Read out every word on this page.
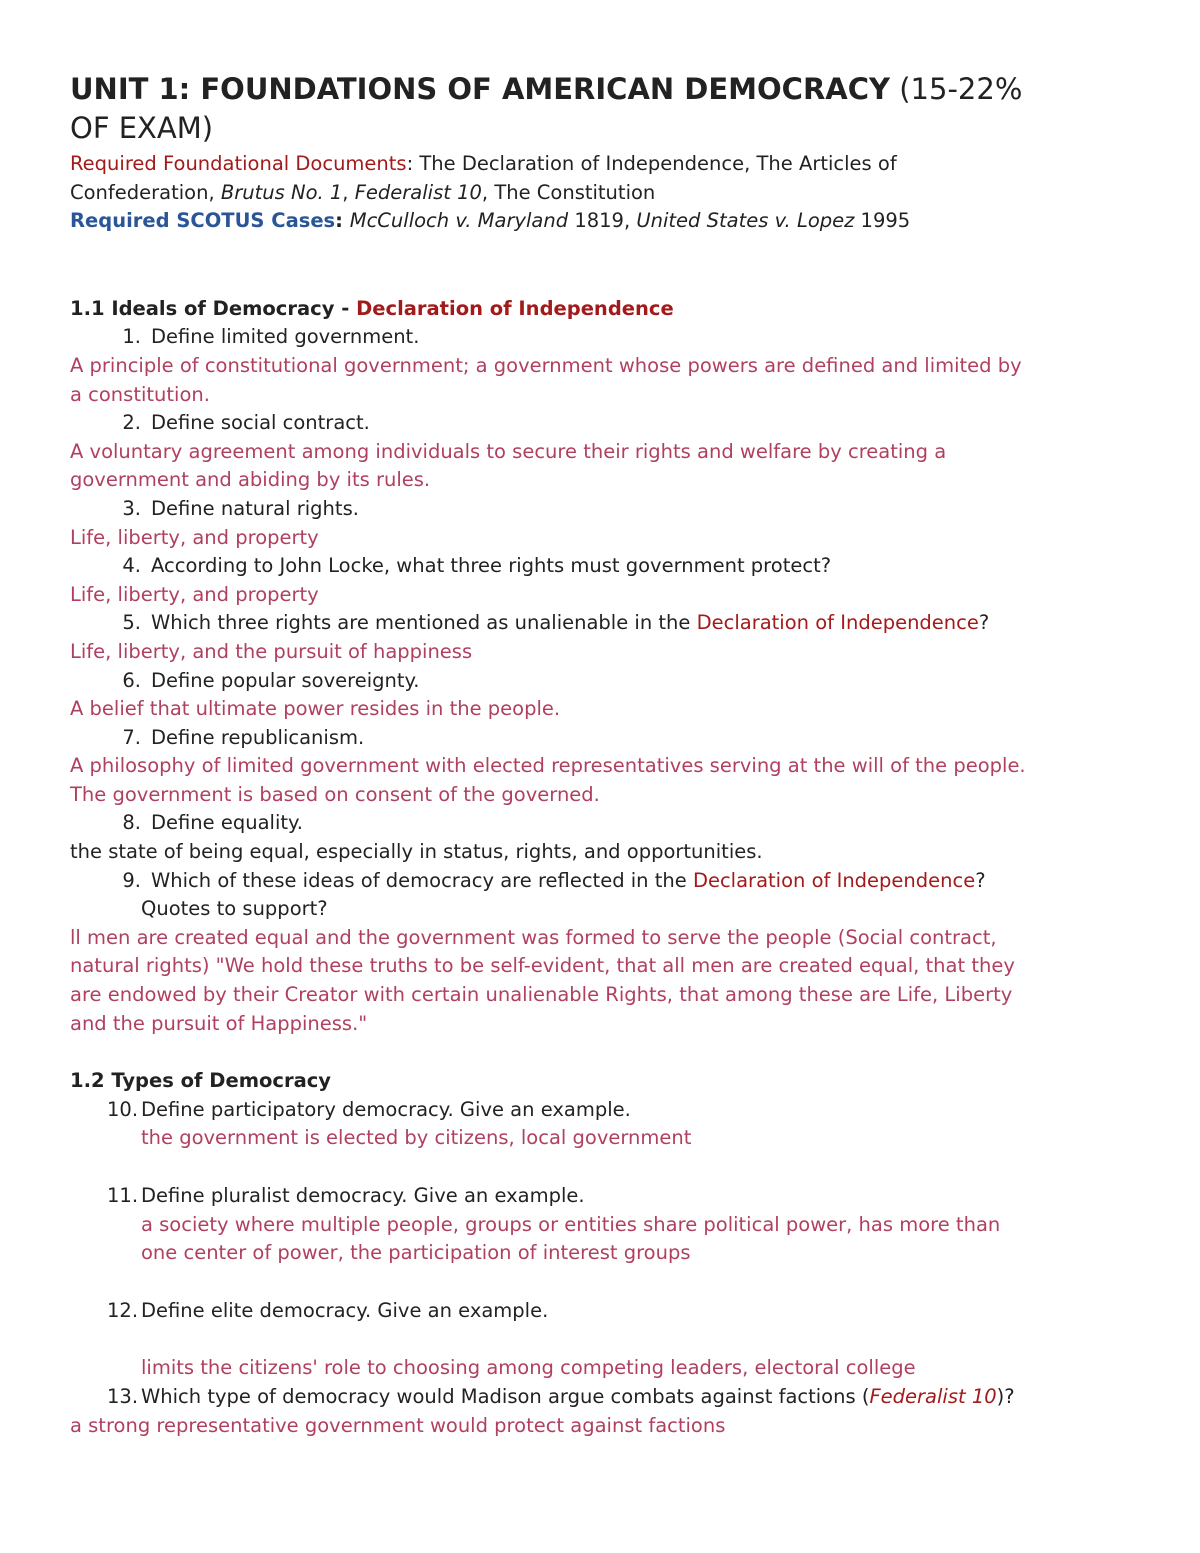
UNIT 1: FOUNDATIONS OF AMERICAN DEMOCRACY (15-22%
OF EXAM)
Required Foundational Documents: The Declaration of Independence, The Articles of
Confederation, Brutus No. 1, Federalist 10, The Constitution
Required SCOTUS Cases: McCulloch v. Maryland 1819, United States v. Lopez 1995
1.1 Ideals of Democracy - Declaration of Independence
1. Define limited government.
A principle of constitutional government; a government whose powers are defined and limited by
a constitution.
2. Define social contract.
A voluntary agreement among individuals to secure their rights and welfare by creating a
government and abiding by its rules.
3. Define natural rights.
Life, liberty, and property
4. According to John Locke, what three rights must government protect?
Life, liberty, and property
5. Which three rights are mentioned as unalienable in the Declaration of Independence?
Life, liberty, and the pursuit of happiness
6. Define popular sovereignty.
A belief that ultimate power resides in the people.
7. Define republicanism.
A philosophy of limited government with elected representatives serving at the will of the people.
The government is based on consent of the governed.
8. Define equality.
the state of being equal, especially in status, rights, and opportunities.
9. Which of these ideas of democracy are reflected in the Declaration of Independence?
Quotes to support?
ll men are created equal and the government was formed to serve the people (Social contract,
natural rights) "We hold these truths to be self-evident, that all men are created equal, that they
are endowed by their Creator with certain unalienable Rights, that among these are Life, Liberty
and the pursuit of Happiness."
1.2 Types of Democracy
10. Define participatory democracy. Give an example.
the government is elected by citizens, local government
11. Define pluralist democracy. Give an example.
a society where multiple people, groups or entities share political power, has more than
one center of power, the participation of interest groups
12. Define elite democracy. Give an example.
limits the citizens' role to choosing among competing leaders, electoral college
13. Which type of democracy would Madison argue combats against factions (Federalist 10)?
a strong representative government would protect against factions
